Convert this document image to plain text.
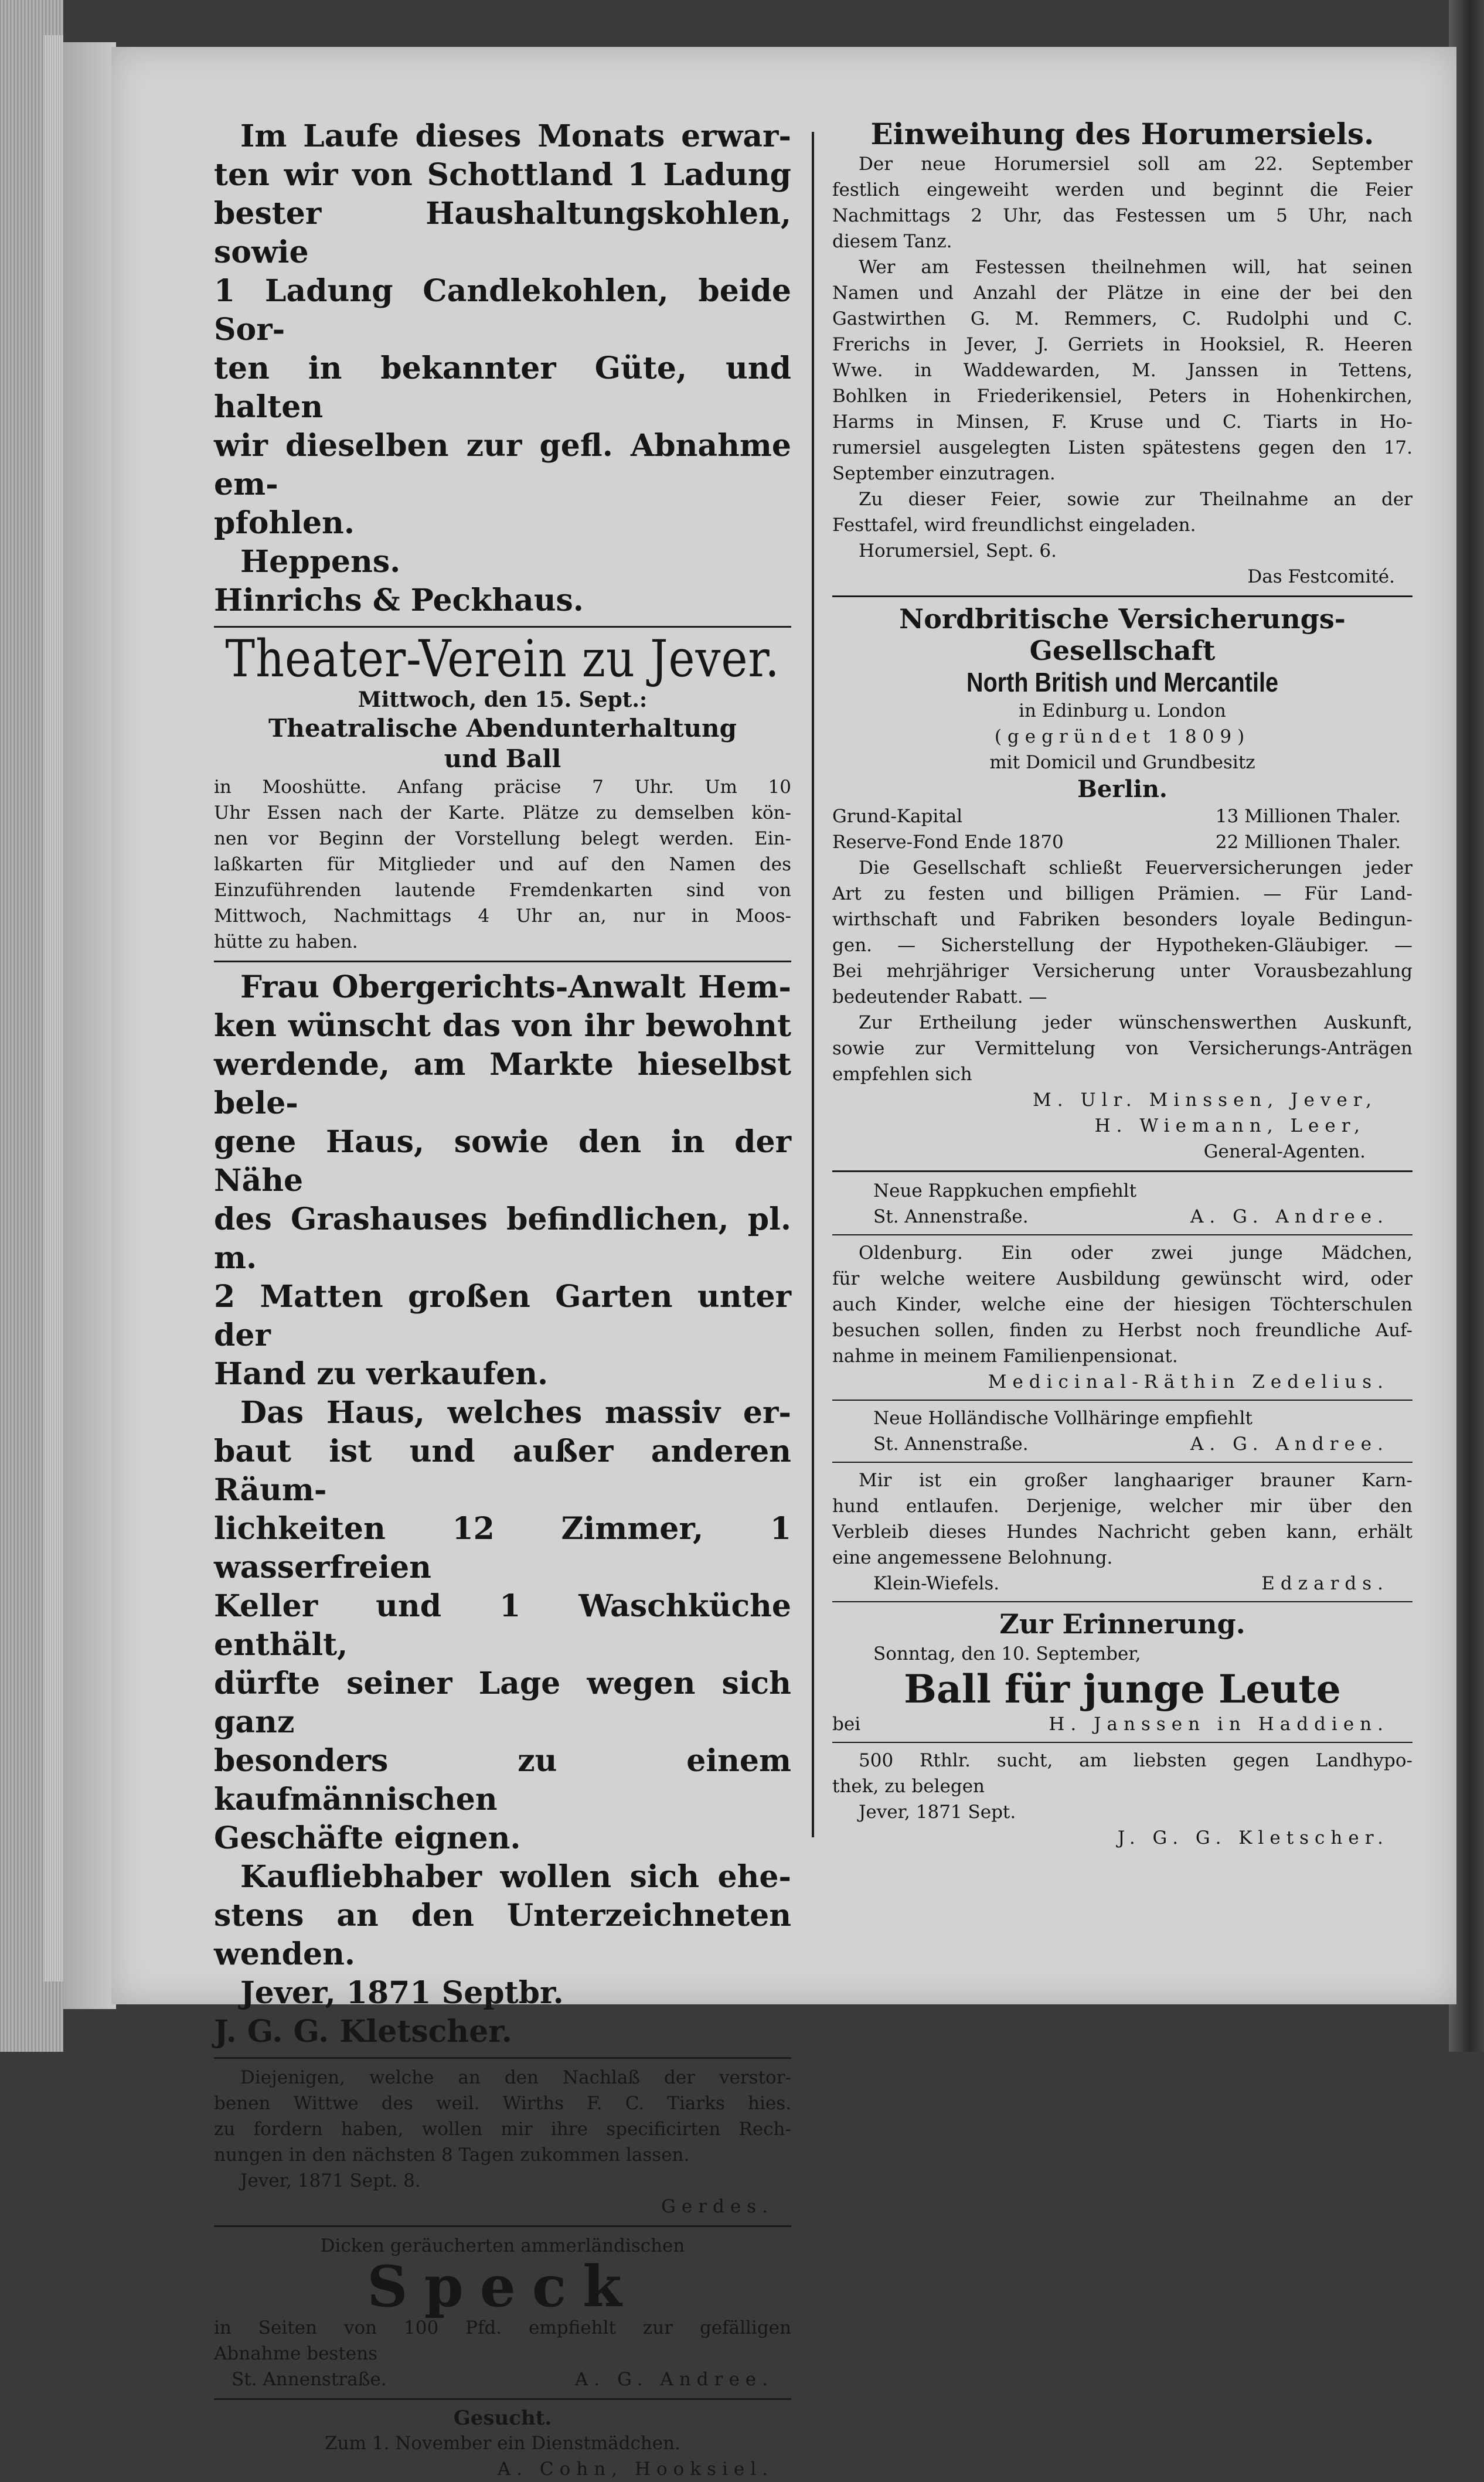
Im Laufe dieses Monats erwar-
ten wir von Schottland 1 Ladung
bester Haushaltungskohlen, sowie
1 Ladung Candlekohlen, beide Sor-
ten in bekannter Güte, und halten
wir dieselben zur gefl. Abnahme em-
pfohlen.
Heppens.
Hinrichs & Peckhaus.
Theater-Verein zu Jever.
Mittwoch, den 15. Sept.:
Theatralische Abendunterhaltung
und Ball
in Mooshütte. Anfang präcise 7 Uhr. Um 10
Uhr Essen nach der Karte. Plätze zu demselben kön-
nen vor Beginn der Vorstellung belegt werden. Ein-
laßkarten für Mitglieder und auf den Namen des
Einzuführenden lautende Fremdenkarten sind von
Mittwoch, Nachmittags 4 Uhr an, nur in Moos-
hütte zu haben.
Frau Obergerichts-Anwalt Hem-
ken wünscht das von ihr bewohnt
werdende, am Markte hieselbst bele-
gene Haus, sowie den in der Nähe
des Grashauses befindlichen, pl. m.
2 Matten großen Garten unter der
Hand zu verkaufen.
Das Haus, welches massiv er-
baut ist und außer anderen Räum-
lichkeiten 12 Zimmer, 1 wasserfreien
Keller und 1 Waschküche enthält,
dürfte seiner Lage wegen sich ganz
besonders zu einem kaufmännischen
Geschäfte eignen.
Kaufliebhaber wollen sich ehe-
stens an den Unterzeichneten wenden.
Jever, 1871 Septbr.
J. G. G. Kletscher.
Diejenigen, welche an den Nachlaß der verstor-
benen Wittwe des weil. Wirths F. C. Tiarks hies.
zu fordern haben, wollen mir ihre specificirten Rech-
nungen in den nächsten 8 Tagen zukommen lassen.
Jever, 1871 Sept. 8.
Gerdes.
Dicken geräucherten ammerländischen
Speck
in Seiten von 100 Pfd. empfiehlt zur gefälligen
Abnahme bestens
St. Annenstraße.	A. G. Andree.
Gesucht.
Zum 1. November ein Dienstmädchen.
A. Cohn, Hooksiel.
Einweihung des Horumersiels.
Der neue Horumersiel soll am 22. September
festlich eingeweiht werden und beginnt die Feier
Nachmittags 2 Uhr, das Festessen um 5 Uhr, nach
diesem Tanz.
Wer am Festessen theilnehmen will, hat seinen
Namen und Anzahl der Plätze in eine der bei den
Gastwirthen G. M. Remmers, C. Rudolphi und C.
Frerichs in Jever, J. Gerriets in Hooksiel, R. Heeren
Wwe. in Waddewarden, M. Janssen in Tettens,
Bohlken in Friederikensiel, Peters in Hohenkirchen,
Harms in Minsen, F. Kruse und C. Tiarts in Ho-
rumersiel ausgelegten Listen spätestens gegen den 17.
September einzutragen.
Zu dieser Feier, sowie zur Theilnahme an der
Festtafel, wird freundlichst eingeladen.
Horumersiel, Sept. 6.
Das Festcomité.
Nordbritische Versicherungs-
Gesellschaft
North British und Mercantile
in Edinburg u. London
(gegründet 1809)
mit Domicil und Grundbesitz
Berlin.
Grund-Kapital	13 Millionen Thaler.
Reserve-Fond Ende 1870	22 Millionen Thaler.
Die Gesellschaft schließt Feuerversicherungen jeder
Art zu festen und billigen Prämien. — Für Land-
wirthschaft und Fabriken besonders loyale Bedingun-
gen. — Sicherstellung der Hypotheken-Gläubiger. —
Bei mehrjähriger Versicherung unter Vorausbezahlung
bedeutender Rabatt. —
Zur Ertheilung jeder wünschenswerthen Auskunft,
sowie zur Vermittelung von Versicherungs-Anträgen
empfehlen sich
M. Ulr. Minssen, Jever,
H. Wiemann, Leer,
General-Agenten.
Neue Rappkuchen empfiehlt
St. Annenstraße.	A. G. Andree.
Oldenburg. Ein oder zwei junge Mädchen,
für welche weitere Ausbildung gewünscht wird, oder
auch Kinder, welche eine der hiesigen Töchterschulen
besuchen sollen, finden zu Herbst noch freundliche Auf-
nahme in meinem Familienpensionat.
Medicinal-Räthin Zedelius.
Neue Holländische Vollhäringe empfiehlt
St. Annenstraße.	A. G. Andree.
Mir ist ein großer langhaariger brauner Karn-
hund entlaufen. Derjenige, welcher mir über den
Verbleib dieses Hundes Nachricht geben kann, erhält
eine angemessene Belohnung.
Klein-Wiefels.	Edzards.
Zur Erinnerung.
Sonntag, den 10. September,
Ball für junge Leute
bei	H. Janssen in Haddien.
500 Rthlr. sucht, am liebsten gegen Landhypo-
thek, zu belegen
Jever, 1871 Sept.
J. G. G. Kletscher.
